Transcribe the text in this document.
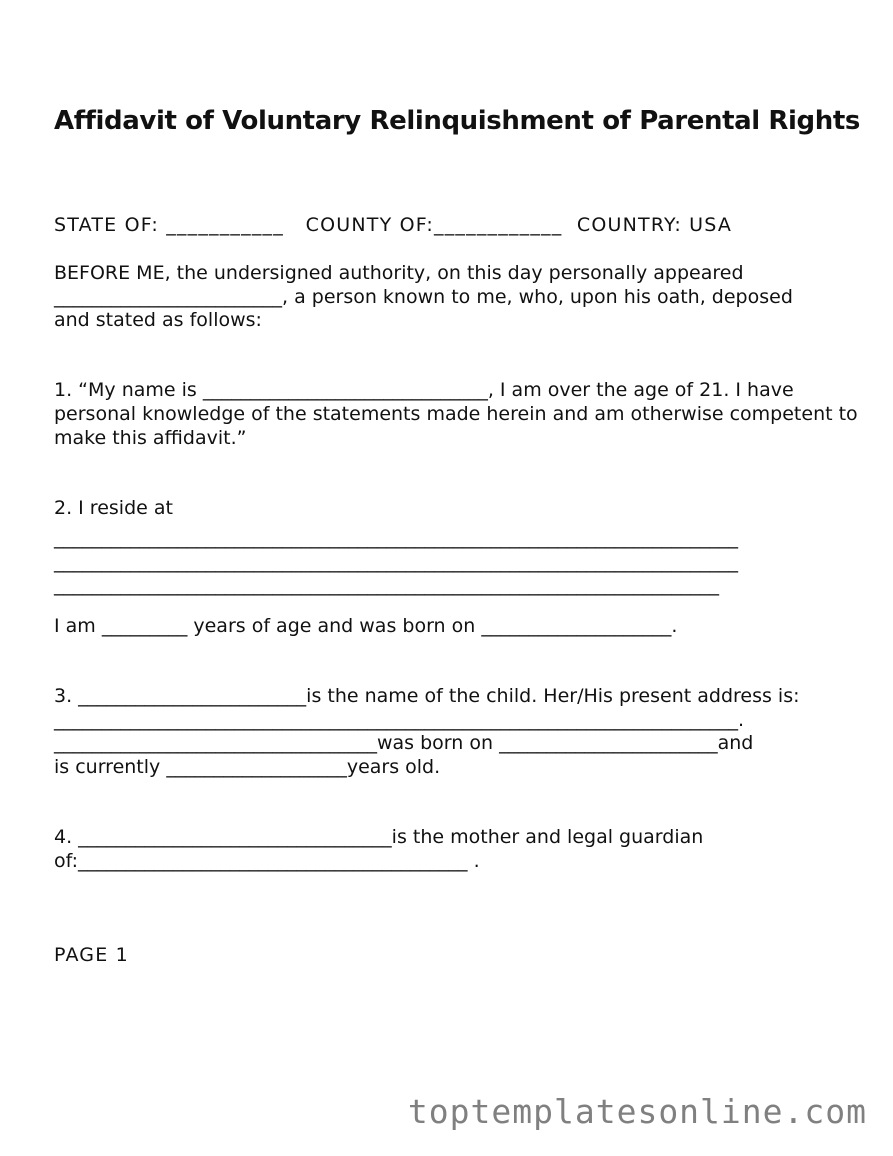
Affidavit of Voluntary Relinquishment of Parental Rights
STATE OF: ___________   COUNTY OF:____________  COUNTRY: USA
BEFORE ME, the undersigned authority, on this day personally appeared
________________________, a person known to me, who, upon his oath, deposed
and stated as follows:
1. “My name is ______________________________, I am over the age of 21. I have
personal knowledge of the statements made herein and am otherwise competent to
make this affidavit.”
2. I reside at
________________________________________________________________________
________________________________________________________________________
______________________________________________________________________
I am _________ years of age and was born on ____________________.
3. ________________________is the name of the child. Her/His present address is:
________________________________________________________________________.
__________________________________was born on _______________________and
is currently ___________________years old.
4. _________________________________is the mother and legal guardian
of:_________________________________________ .
PAGE 1
toptemplatesonline.com
